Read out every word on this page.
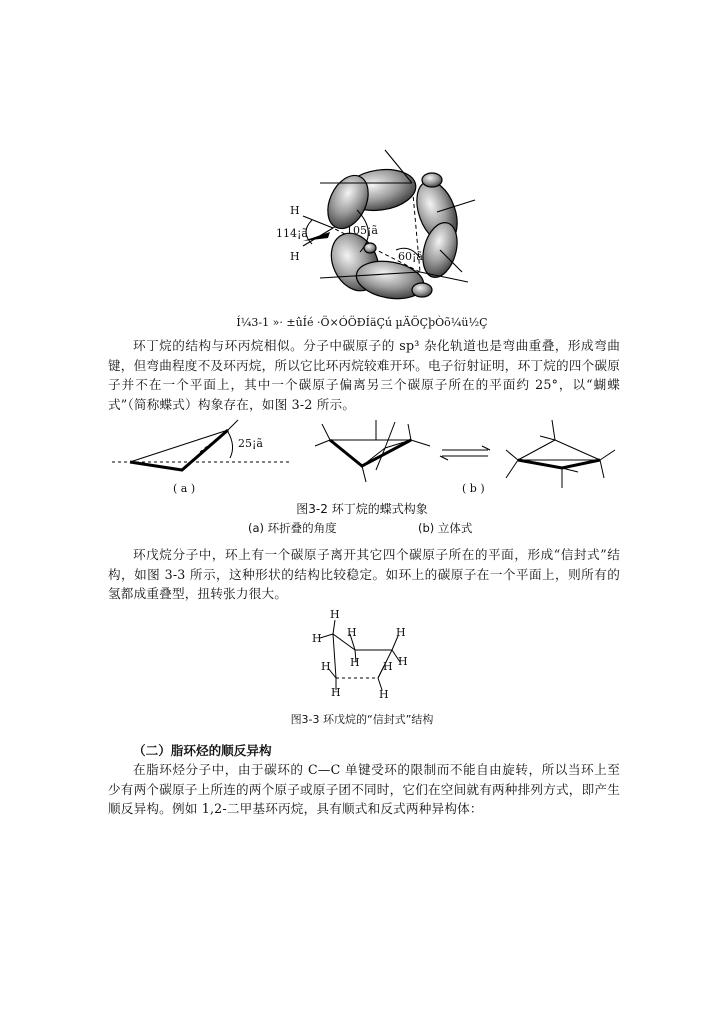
H
H
114¡ã	105¡ã
60¡ã
Í¼3-1 »· ±ûÍé ·Ö×ÓÖÐÍäÇú µÄÖÇþÒõ¼ü½Ç
环丁烷的结构与环丙烷相似。分子中碳原子的 sp³ 杂化轨道也是弯曲重叠，形成弯曲键，但弯曲程度不及环丙烷，所以它比环丙烷较难开环。电子衍射证明，环丁烷的四个碳原子并不在一个平面上，其中一个碳原子偏离另三个碳原子所在的平面约 25°，以“蝴蝶式”（简称蝶式）构象存在，如图 3-2 所示。
25¡ã
( a )	( b )
图3-2 环丁烷的蝶式构象
(a) 环折叠的角度	(b) 立体式
环戊烷分子中，环上有一个碳原子离开其它四个碳原子所在的平面，形成“信封式”结构，如图 3-3 所示，这种形状的结构比较稳定。如环上的碳原子在一个平面上，则所有的氢都成重叠型，扭转张力很大。
H
H H	H
H	H
H
H
H	H
图3-3 环戊烷的“信封式”结构
（二）脂环烃的顺反异构
在脂环烃分子中，由于碳环的 C—C 单键受环的限制而不能自由旋转，所以当环上至少有两个碳原子上所连的两个原子或原子团不同时，它们在空间就有两种排列方式，即产生顺反异构。例如 1,2-二甲基环丙烷，具有顺式和反式两种异构体：
